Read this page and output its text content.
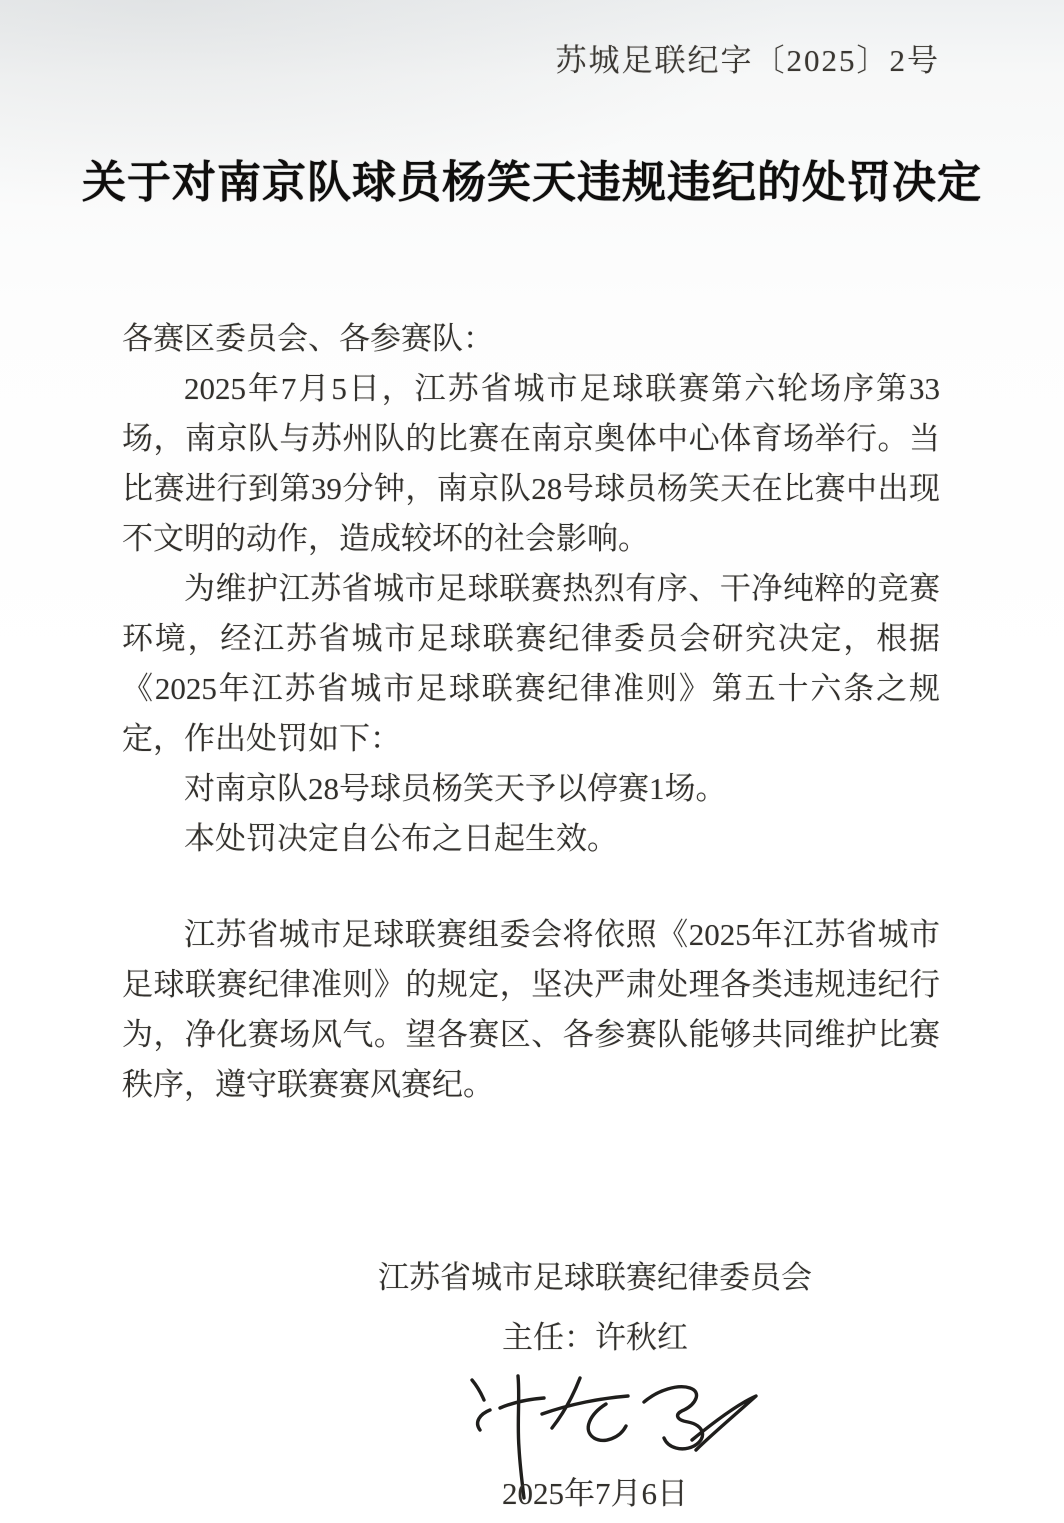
苏城足联纪字〔2025〕2号
关于对南京队球员杨笑天违规违纪的处罚决定

各赛区委员会、各参赛队：

2025年7月5日，江苏省城市足球联赛第六轮场序第33场，南京队与苏州队的比赛在南京奥体中心体育场举行。当比赛进行到第39分钟，南京队28号球员杨笑天在比赛中出现不文明的动作，造成较坏的社会影响。

为维护江苏省城市足球联赛热烈有序、干净纯粹的竞赛环境，经江苏省城市足球联赛纪律委员会研究决定，根据《2025年江苏省城市足球联赛纪律准则》第五十六条之规定，作出处罚如下：

对南京队28号球员杨笑天予以停赛1场。

本处罚决定自公布之日起生效。

江苏省城市足球联赛组委会将依照《2025年江苏省城市足球联赛纪律准则》的规定，坚决严肃处理各类违规违纪行为，净化赛场风气。望各赛区、各参赛队能够共同维护比赛秩序，遵守联赛赛风赛纪。

江苏省城市足球联赛纪律委员会
主任：许秋红
2025年7月6日
